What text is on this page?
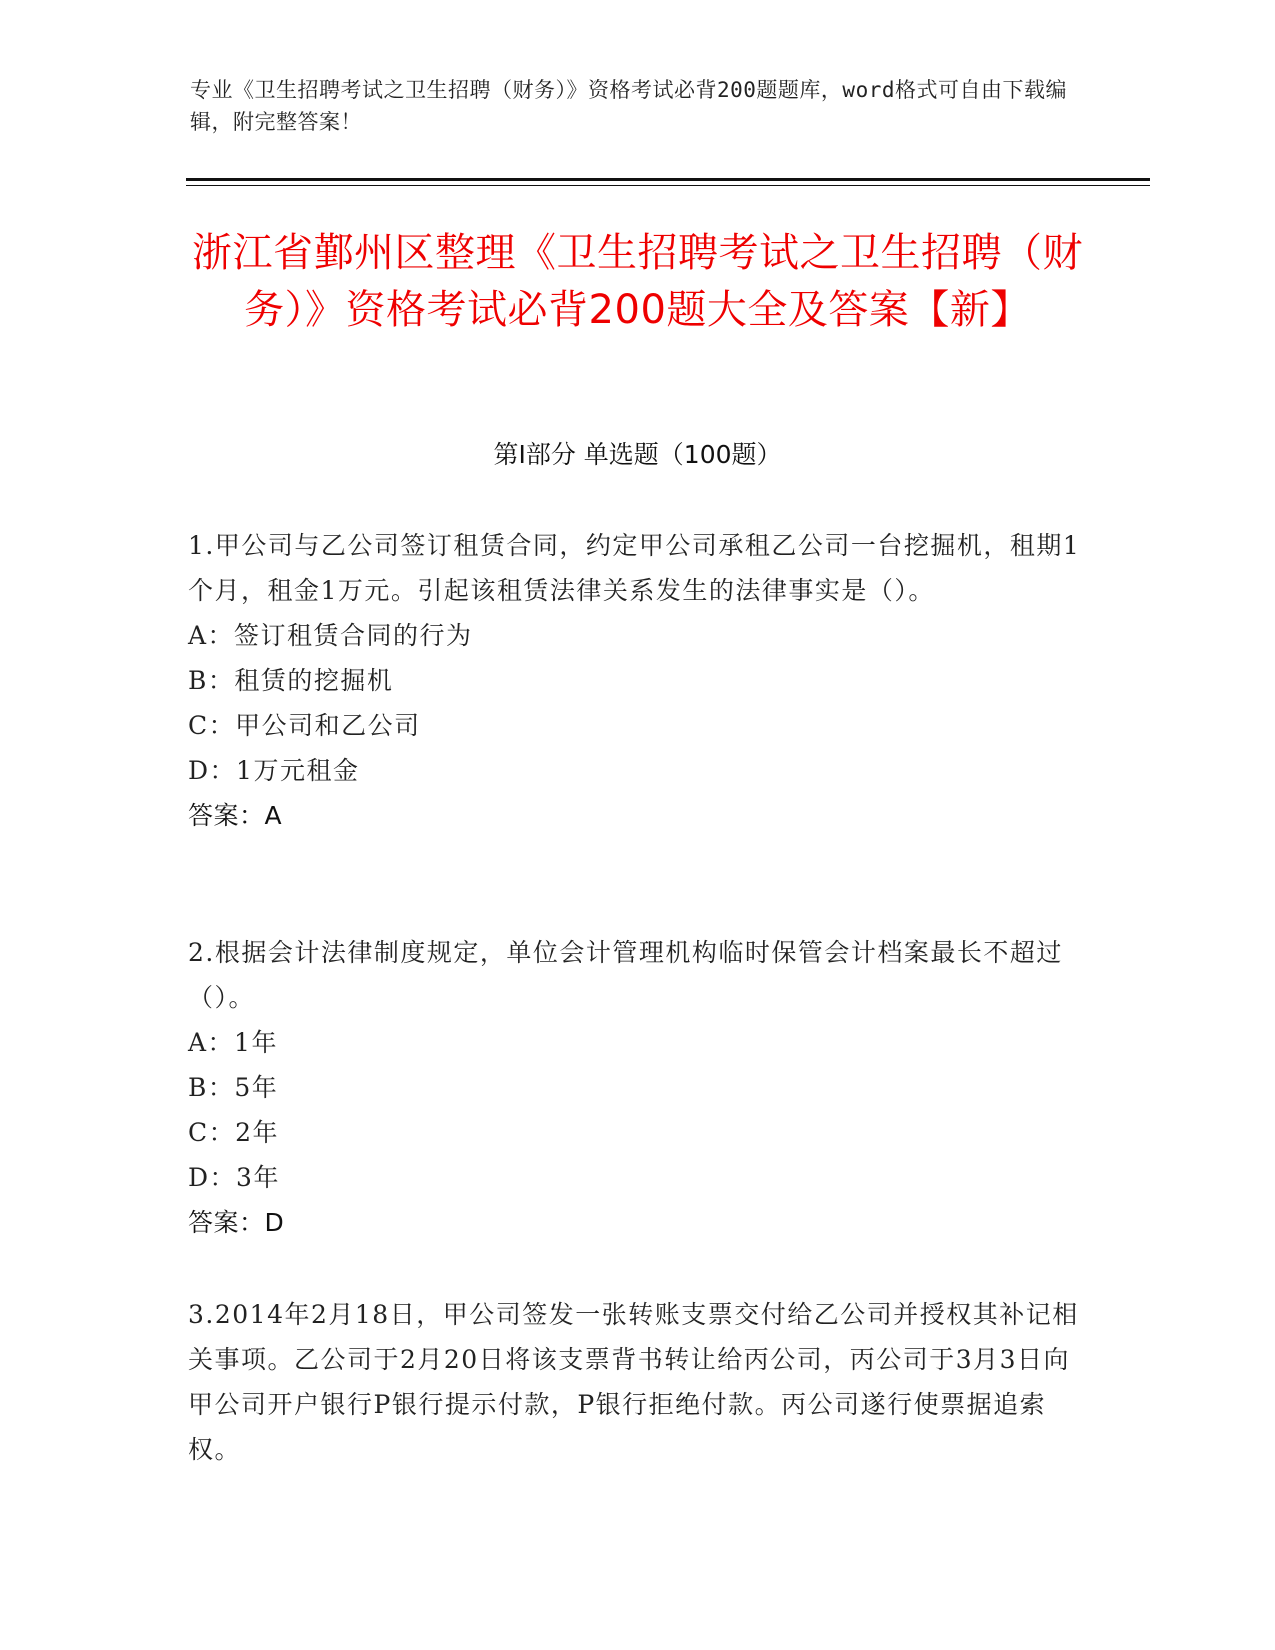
专业《卫生招聘考试之卫生招聘（财务）》资格考试必背200题题库，word格式可自由下载编辑，附完整答案！
浙江省鄞州区整理《卫生招聘考试之卫生招聘（财务）》资格考试必背200题大全及答案【新】
第Ⅰ部分 单选题（100题）
1.甲公司与乙公司签订租赁合同，约定甲公司承租乙公司一台挖掘机，租期1个月，租金1万元。引起该租赁法律关系发生的法律事实是（）。
A：签订租赁合同的行为
B：租赁的挖掘机
C：甲公司和乙公司
D：1万元租金
答案：A
2.根据会计法律制度规定，单位会计管理机构临时保管会计档案最长不超过（）。
A：1年
B：5年
C：2年
D：3年
答案：D
3.2014年2月18日，甲公司签发一张转账支票交付给乙公司并授权其补记相关事项。乙公司于2月20日将该支票背书转让给丙公司，丙公司于3月3日向甲公司开户银行P银行提示付款，P银行拒绝付款。丙公司遂行使票据追索权。
